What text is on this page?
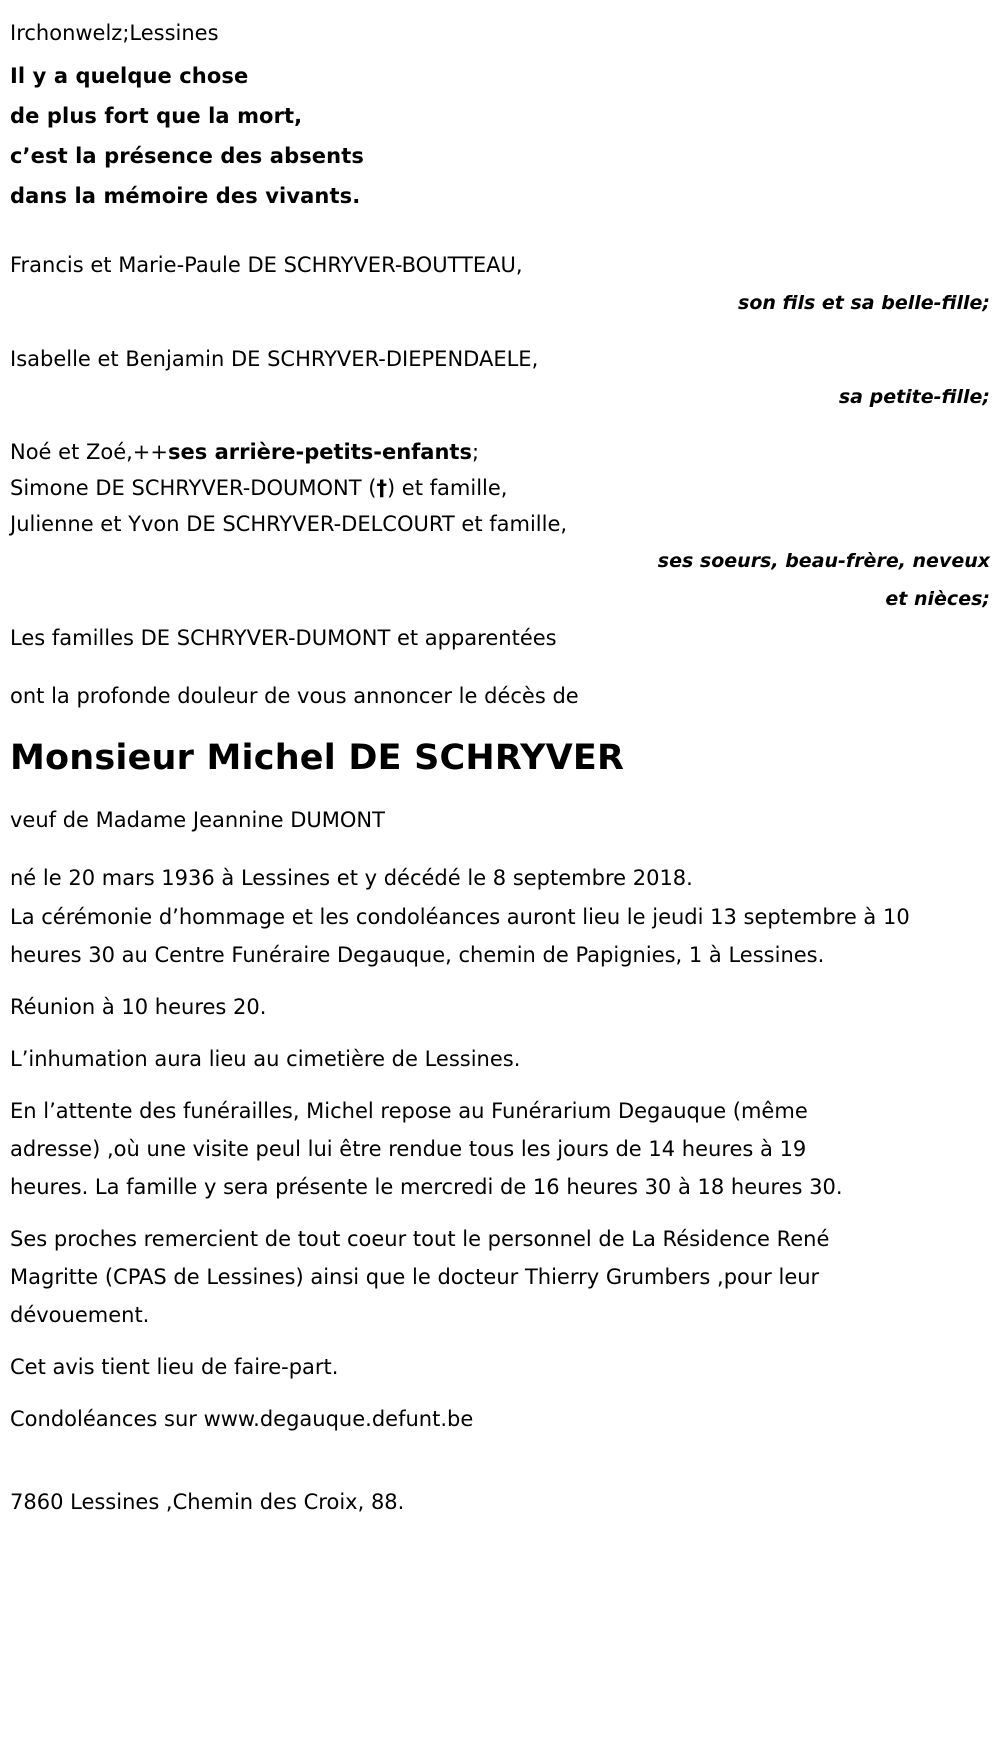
Irchonwelz;Lessines
Il y a quelque chose
de plus fort que la mort,
c’est la présence des absents
dans la mémoire des vivants.
Francis et Marie-Paule DE SCHRYVER-BOUTTEAU,
son fils et sa belle-fille;
Isabelle et Benjamin DE SCHRYVER-DIEPENDAELE,
sa petite-fille;
Noé et Zoé,++ses arrière-petits-enfants;
Simone DE SCHRYVER-DOUMONT (†) et famille,
Julienne et Yvon DE SCHRYVER-DELCOURT et famille,
ses soeurs, beau-frère, neveux et nièces;
Les familles DE SCHRYVER-DUMONT et apparentées
ont la profonde douleur de vous annoncer le décès de
Monsieur Michel DE SCHRYVER
veuf de Madame Jeannine DUMONT
né le 20 mars 1936 à Lessines et y décédé le 8 septembre 2018.

La cérémonie d’hommage et les condoléances auront lieu le jeudi 13 septembre à 10 heures 30 au Centre Funéraire Degauque, chemin de Papignies, 1 à Lessines.

Réunion à 10 heures 20.

L’inhumation aura lieu au cimetière de Lessines.

En l’attente des funérailles, Michel repose au Funérarium Degauque (même adresse) ,où une visite peul lui être rendue tous les jours de 14 heures à 19 heures. La famille y sera présente le mercredi de 16 heures 30 à 18 heures 30.

Ses proches remercient de tout coeur tout le personnel de La Résidence René Magritte (CPAS de Lessines) ainsi que le docteur Thierry Grumbers ,pour leur dévouement.

Cet avis tient lieu de faire-part.

Condoléances sur www.degauque.defunt.be

7860 Lessines ,Chemin des Croix, 88.
